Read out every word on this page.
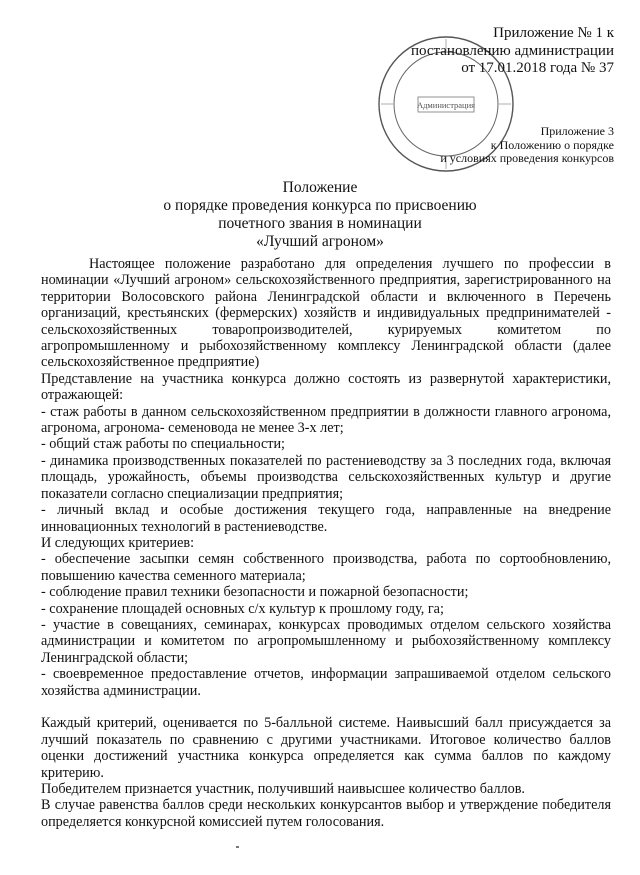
Администрация
Приложение № 1 к
постановлению администрации
от 17.01.2018 года № 37
Приложение 3
к Положению о порядке
и условиях проведения конкурсов
Положение
о порядке проведения конкурса по присвоению
почетного звания в номинации
«Лучший агроном»

Настоящее положение разработано для определения лучшего по профессии в

номинации «Лучший агроном» сельскохозяйственного предприятия, зарегистрированного на

территории Волосовского района Ленинградской области и включенного в Перечень

организаций, крестьянских (фермерских) хозяйств и индивидуальных предпринимателей -

сельскохозяйственных товаропроизводителей, курируемых комитетом по

агропромышленному и рыбохозяйственному комплексу Ленинградской области (далее

сельскохозяйственное предприятие)

Представление на участника конкурса должно состоять из развернутой характеристики,

отражающей:

- стаж работы в данном сельскохозяйственном предприятии в должности главного агронома,

агронома, агронома- семеновода не менее 3-х лет;

- общий стаж работы по специальности;

- динамика производственных показателей по растениеводству за 3 последних года, включая

площадь, урожайность, объемы производства сельскохозяйственных культур и другие

показатели согласно специализации предприятия;

- личный вклад и особые достижения текущего года, направленные на внедрение

инновационных технологий в растениеводстве.

И следующих критериев:

- обеспечение засыпки семян собственного производства, работа по сортообновлению,

повышению качества семенного материала;

- соблюдение правил техники безопасности и пожарной безопасности;

- сохранение площадей основных с/х культур к прошлому году, га;

- участие в совещаниях, семинарах, конкурсах проводимых отделом сельского хозяйства

администрации и комитетом по агропромышленному и рыбохозяйственному комплексу

Ленинградской области;

- своевременное предоставление отчетов, информации запрашиваемой отделом сельского

хозяйства администрации.

Каждый критерий, оценивается по 5-балльной системе. Наивысший балл присуждается за

лучший показатель по сравнению с другими участниками. Итоговое количество баллов

оценки достижений участника конкурса определяется как сумма баллов по каждому

критерию.

Победителем признается участник, получивший наивысшее количество баллов.

В случае равенства баллов среди нескольких конкурсантов выбор и утверждение победителя

определяется конкурсной комиссией путем голосования.
